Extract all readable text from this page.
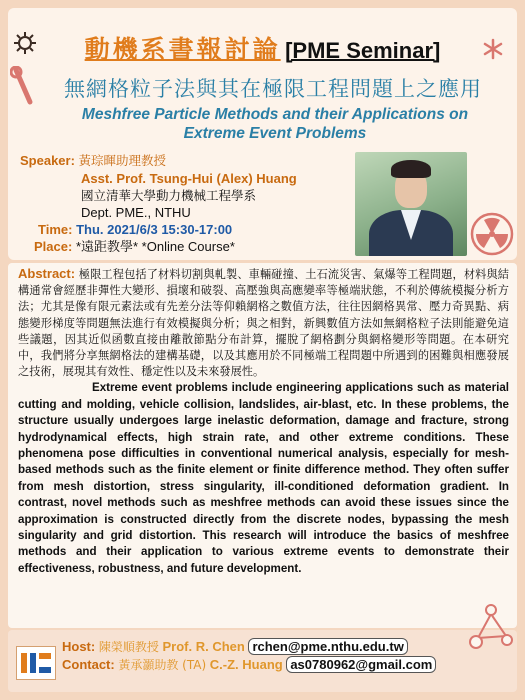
動機系書報討論 [PME Seminar]
無網格粒子法與其在極限工程問題上之應用
Meshfree Particle Methods and their Applications on
Extreme Event Problems
Speaker: 黃琮暉助理教授
Asst. Prof. Tsung-Hui (Alex) Huang
國立清華大學動力機械工程學系
Dept. PME., NTHU
Time: Thu. 2021/6/3 15:30-17:00
Place: *遠距教學* *Online Course*
Abstract: 極限工程包括了材料切割與軋製、車輛碰撞、土石流災害、氣爆等工程問題，材料與結構通常會經歷非彈性大變形、損壞和破裂、高壓強與高應變率等極端狀態，不利於傳統模擬分析方法；尤其是像有限元素法或有先差分法等仰賴網格之數值方法，往往因網格異常、壓力奇異點、病態變形梯度等問題無法進行有效模擬與分析；與之相對，新興數值方法如無網格粒子法則能避免這些議題，因其近似函數直接由離散節點分布計算，擺脫了網格劃分與網格變形等問題。在本研究中，我們將分享無網格法的建構基礎，以及其應用於不同極端工程問題中所遇到的困難與相應發展之技術，展現其有效性、穩定性以及未來發展性。
Extreme event problems include engineering applications such as material cutting and molding, vehicle collision, landslides, air-blast, etc. In these problems, the structure usually undergoes large inelastic deformation, damage and fracture, strong hydrodynamical effects, high strain rate, and other extreme conditions. These phenomena pose difficulties in conventional numerical analysis, especially for mesh-based methods such as the finite element or finite difference method. They often suffer from mesh distortion, stress singularity, ill-conditioned deformation gradient. In contrast, novel methods such as meshfree methods can avoid these issues since the approximation is constructed directly from the discrete nodes, bypassing the mesh singularity and grid distortion. This research will introduce the basics of meshfree methods and their application to various extreme events to demonstrate their effectiveness, robustness, and future development.
Host: 陳榮順教授 Prof. R. Chen rchen@pme.nthu.edu.tw
Contact: 黃承灝助教 (TA) C.-Z. Huang as0780962@gmail.com
